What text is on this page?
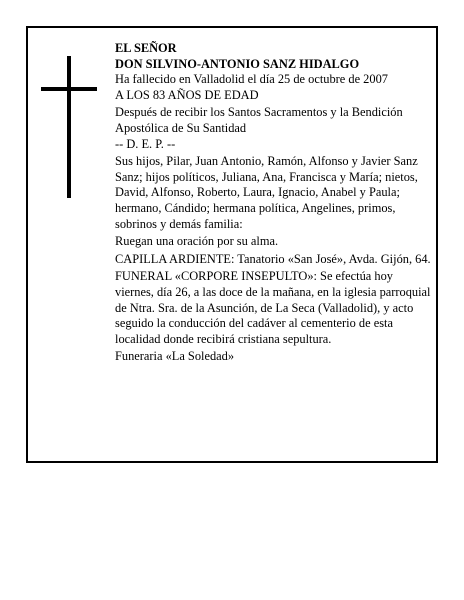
EL SEÑOR

DON SILVINO-ANTONIO SANZ HIDALGO

Ha fallecido en Valladolid el día 25 de octubre de 2007

A LOS 83 AÑOS DE EDAD

Después de recibir los Santos Sacramentos y la Bendición Apostólica de Su Santidad

-- D. E. P. --

Sus hijos, Pilar, Juan Antonio, Ramón, Alfonso y Javier Sanz Sanz; hijos políticos, Juliana, Ana, Francisca y María; nietos, David, Alfonso, Roberto, Laura, Ignacio, Anabel y Paula; hermano, Cándido; hermana política, Angelines, primos, sobrinos y demás familia:

Ruegan una oración por su alma.

CAPILLA ARDIENTE: Tanatorio «San José», Avda. Gijón, 64.

FUNERAL «CORPORE INSEPULTO»: Se efectúa hoy viernes, día 26, a las doce de la mañana, en la iglesia parroquial de Ntra. Sra. de la Asunción, de La Seca (Valladolid), y acto seguido la conducción del cadáver al cementerio de esta localidad donde recibirá cristiana sepultura.

Funeraria «La Soledad»
